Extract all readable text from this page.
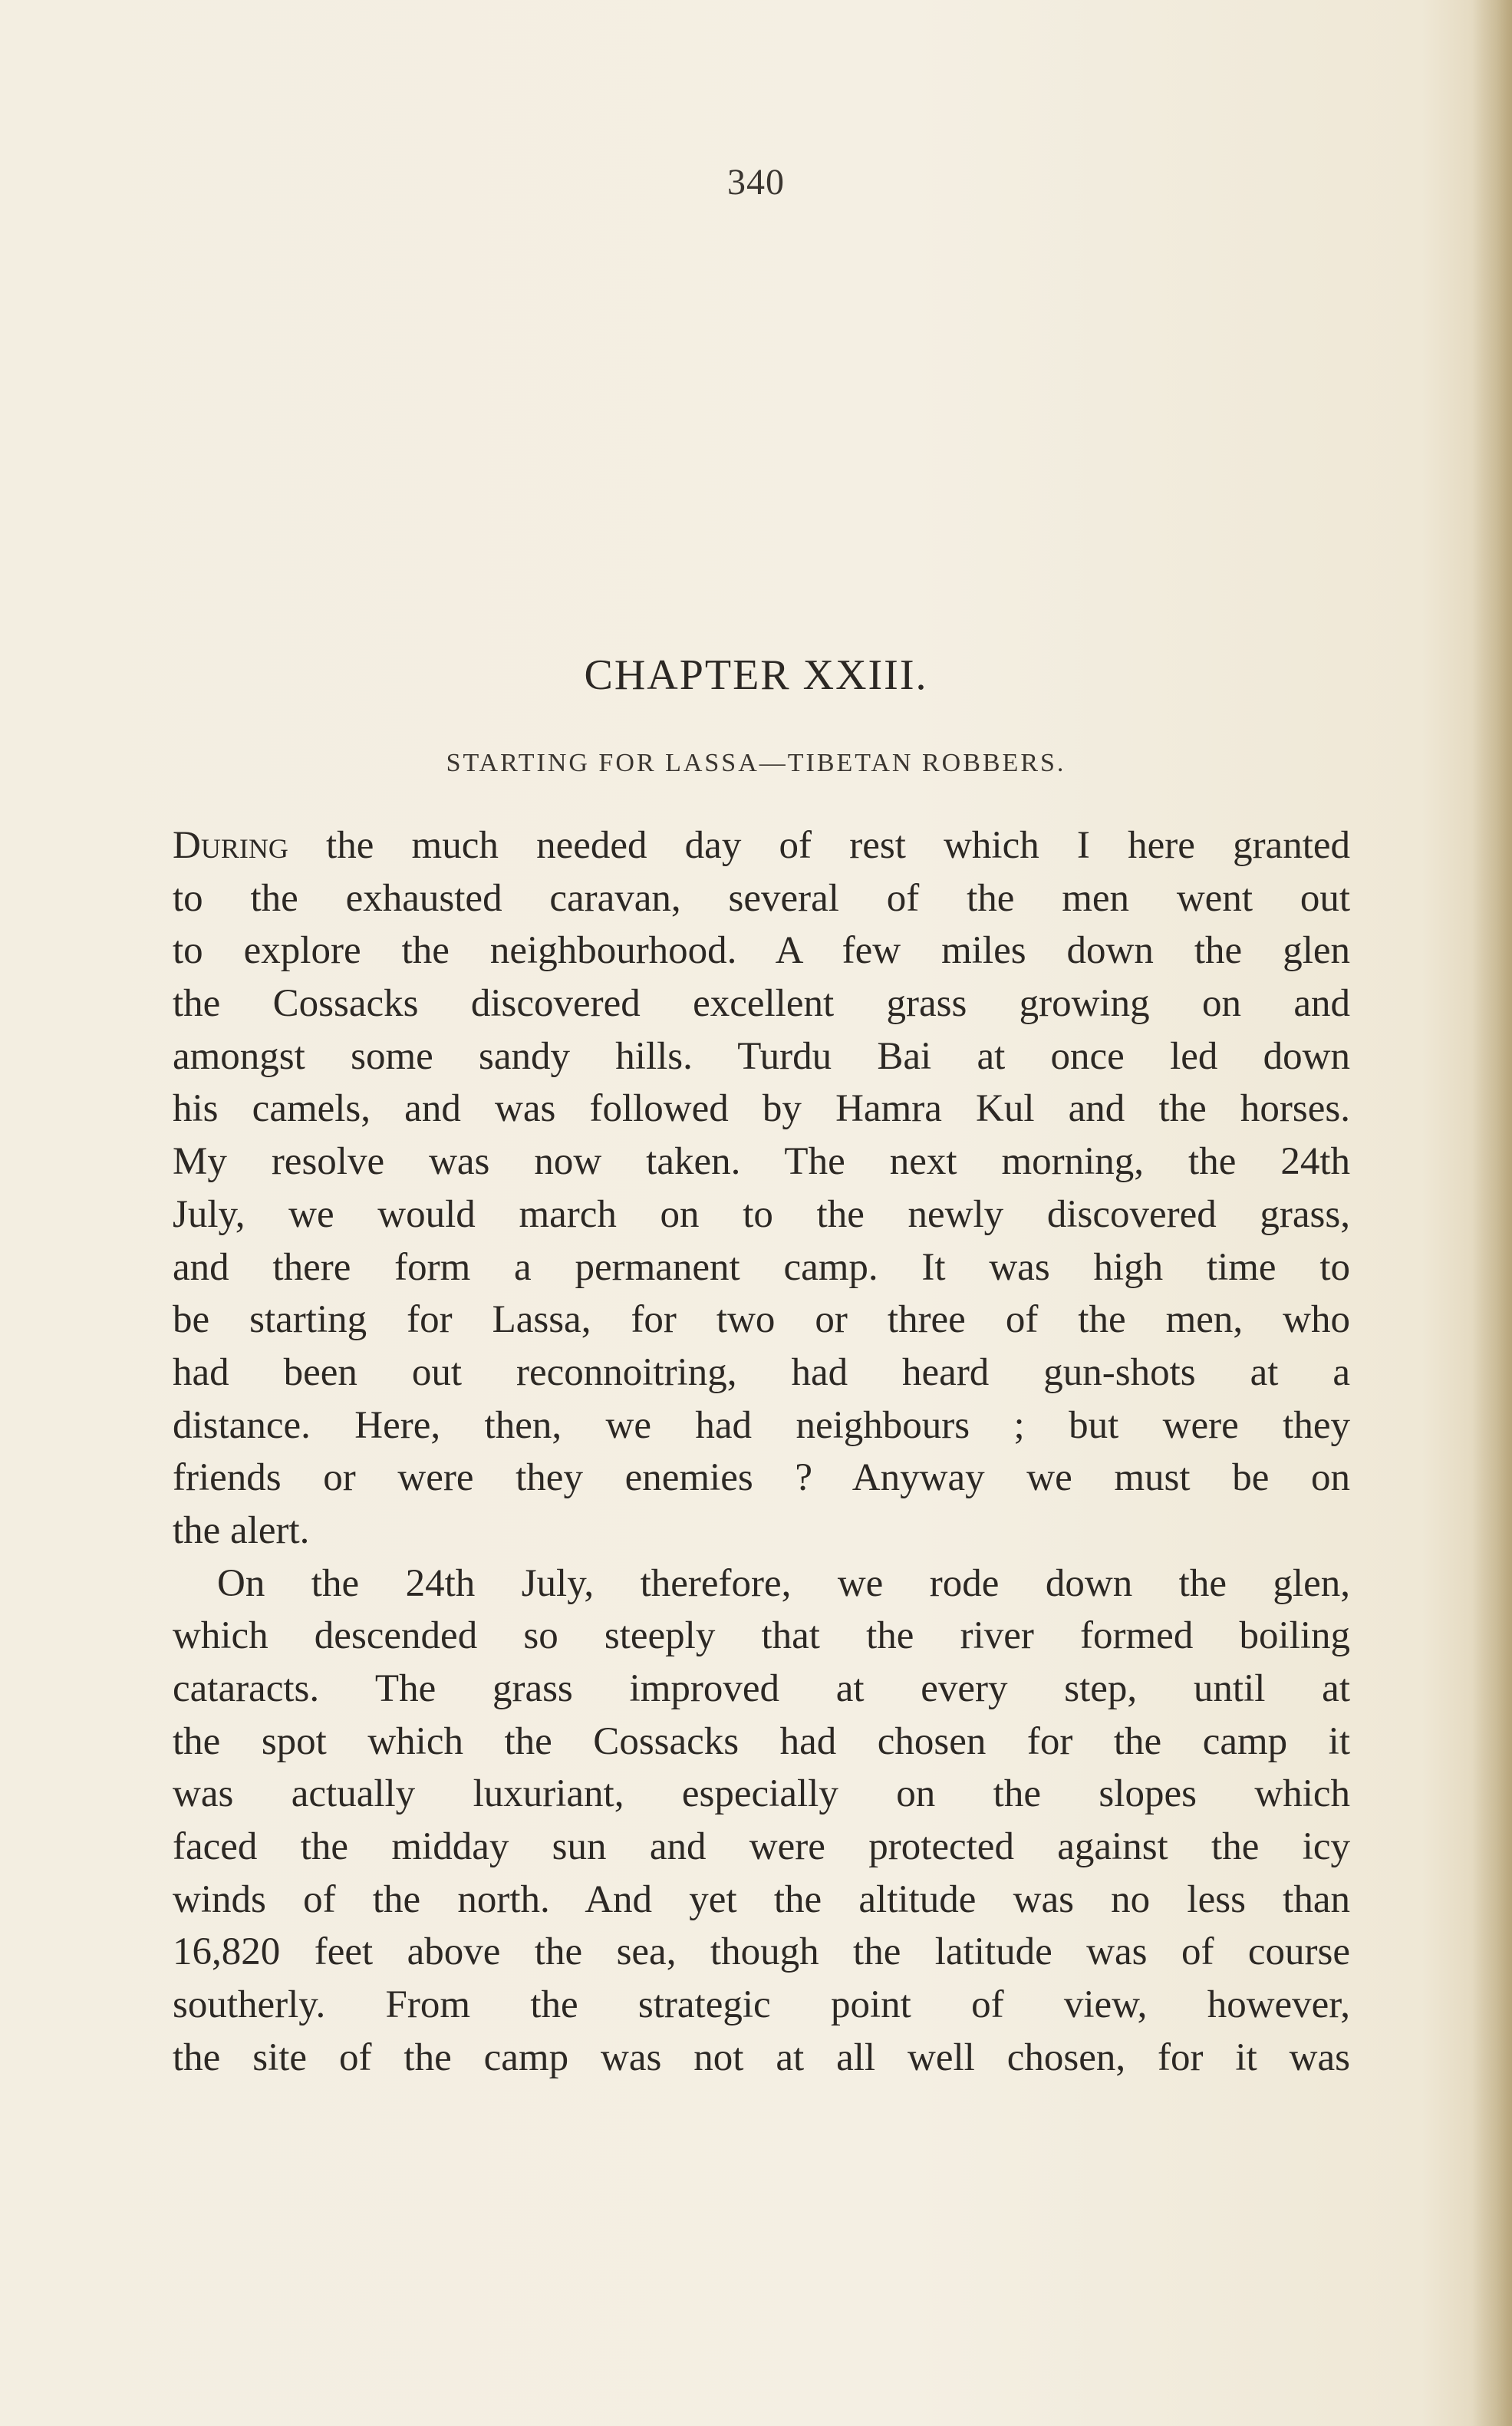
340
CHAPTER XXIII.
STARTING FOR LASSA—TIBETAN ROBBERS.
During the much needed day of rest which I here granted
to the exhausted caravan, several of the men went out
to explore the neighbourhood. A few miles down the glen
the Cossacks discovered excellent grass growing on and
amongst some sandy hills. Turdu Bai at once led down
his camels, and was followed by Hamra Kul and the horses.
My resolve was now taken. The next morning, the 24th
July, we would march on to the newly discovered grass,
and there form a permanent camp. It was high time to
be starting for Lassa, for two or three of the men, who
had been out reconnoitring, had heard gun-shots at a
distance. Here, then, we had neighbours ; but were they
friends or were they enemies ? Anyway we must be on
the alert.
On the 24th July, therefore, we rode down the glen,
which descended so steeply that the river formed boiling
cataracts. The grass improved at every step, until at
the spot which the Cossacks had chosen for the camp it
was actually luxuriant, especially on the slopes which
faced the midday sun and were protected against the icy
winds of the north. And yet the altitude was no less than
16,820 feet above the sea, though the latitude was of course
southerly. From the strategic point of view, however,
the site of the camp was not at all well chosen, for it was
